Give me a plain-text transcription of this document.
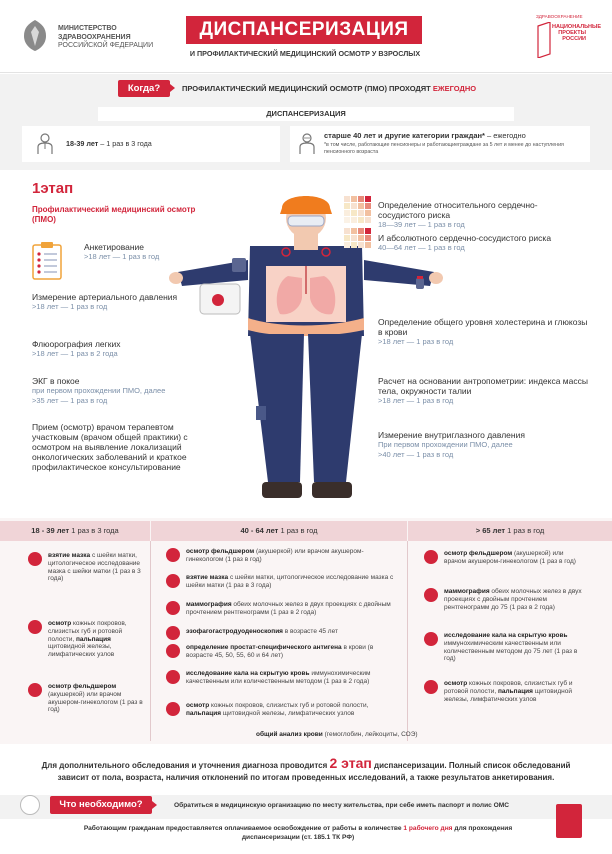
МИНИСТЕРСТВО
ЗДРАВООХРАНЕНИЯ
РОССИЙСКОЙ ФЕДЕРАЦИИ
ДИСПАНСЕРИЗАЦИЯ
И ПРОФИЛАКТИЧЕСКИЙ МЕДИЦИНСКИЙ ОСМОТР У ВЗРОСЛЫХ
ЗДРАВООХРАНЕНИЕ
НАЦИОНАЛЬНЫЕ
ПРОЕКТЫ
РОССИИ
Когда?	ПРОФИЛАКТИЧЕСКИЙ МЕДИЦИНСКИЙ ОСМОТР (ПМО) ПРОХОДЯТ ЕЖЕГОДНО
ДИСПАНСЕРИЗАЦИЯ
18-39 лет – 1 раз в 3 года
старше 40 лет и другие категории граждан* – ежегодно
*в том числе, работающие пенсионеры и работающиеграждане за 5 лет и менее до наступления пенсионного возраста
1этап
Профилактический медицинский осмотр (ПМО)
Анкетирование
>18 лет — 1 раз в год
Измерение артериального давления
>18 лет — 1 раз в год
Флюорография легких
>18 лет — 1 раз в 2 года
ЭКГ в покое
при первом прохождении ПМО, далее
>35 лет — 1 раз в год
Прием (осмотр) врачом терапевтом участковым (врачом общей практики) с осмотром на выявление локализаций онкологических заболеваний и краткое профилактическое консультирование
Определение относительного сердечно-сосудистого риска
18—39 лет — 1 раз в год
И абсолютного сердечно-сосудистого риска
40—64 лет — 1 раз в год
Определение общего уровня холестерина и глюкозы в крови
>18 лет — 1 раз в год
Расчет на основании антропометрии: индекса массы тела, окружности талии
>18 лет — 1 раз в год
Измерение внутриглазного давления
При первом прохождении ПМО, далее
>40 лет — 1 раз в год
18 - 39 лет 1 раз в 3 года	40 - 64 лет 1 раз в год	> 65 лет 1 раз в год
взятие мазка с шейки матки, цитологическое исследование мазка с шейки матки (1 раз в 3 года)
осмотр кожных покровов, слизистых губ и ротовой полости, пальпация щитовидной железы, лимфатических узлов
осмотр фельдшером (акушеркой) или врачом акушером-гинекологом (1 раз в год)
осмотр фельдшером (акушеркой) или врачом акушером- гинекологом (1 раз в год)
взятие мазка с шейки матки, цитологическое исследование мазка с шейки матки (1 раз в 3 года)
маммография обеих молочных желез в двух проекциях с двойным прочтением рентгенограмм (1 раз в 2 года)
эзофагогастродуоденоскопия в возрасте 45 лет
определение простат-специфического антигена в крови (в возрасте 45, 50, 55, 60 и 64 лет)
исследование кала на скрытую кровь иммунохимическим качественным или количественным методом (1 раз в 2 года)
осмотр кожных покровов, слизистых губ и ротовой полости, пальпация щитовидной железы, лимфатических узлов
осмотр фельдшером (акушеркой) или врачом акушером-гинекологом (1 раз в год)
маммография обеих молочных желез в двух проекциях с двойным прочтением рентгенограмм до 75 (1 раз в 2 года)
исследование кала на скрытую кровь иммунохимическим качественным или количественным методом до 75 лет (1 раз в год)
осмотр кожных покровов, слизистых губ и ротовой полости, пальпация щитовидной железы, лимфатических узлов
общий анализ крови (гемоглобин, лейкоциты, СОЭ)
Для дополнительного обследования и уточнения диагноза проводится 2 этап диспансеризации. Полный список обследований
зависит от пола, возраста, наличия отклонений по итогам проведенных исследований, а также результатов анкетирования.
Что необходимо?	Обратиться в медицинскую организацию по месту жительства, при себе иметь паспорт и полис ОМС
Работающим гражданам предоставляется оплачиваемое освобождение от работы в количестве 1 рабочего дня для прохождения
диспансеризации (ст. 185.1 ТК РФ)
